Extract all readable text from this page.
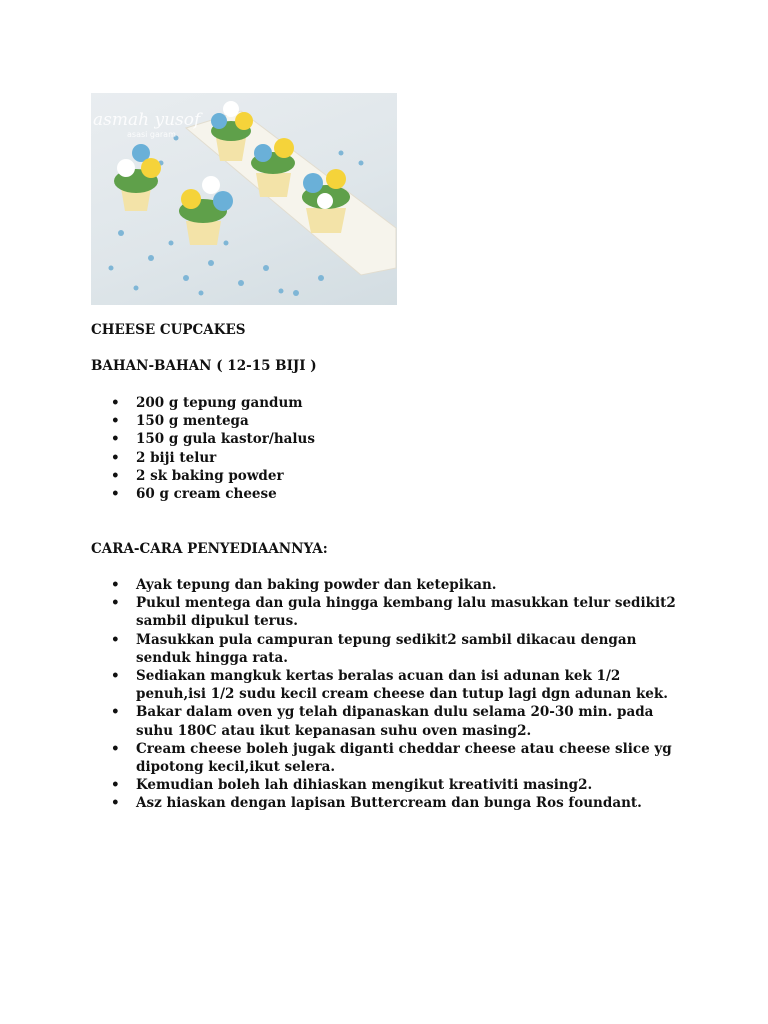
asmah yusof
asasi garam
CHEESE CUPCAKES
BAHAN-BAHAN ( 12-15 BIJI )
• 200 g tepung gandum
• 150 g mentega
• 150 g gula kastor/halus
• 2 biji telur
• 2 sk baking powder
• 60 g cream cheese
CARA-CARA PENYEDIAANNYA:
• Ayak tepung dan baking powder dan ketepikan.
• Pukul mentega dan gula hingga kembang lalu masukkan telur sedikit2 sambil dipukul terus.
• Masukkan pula campuran tepung sedikit2 sambil dikacau dengan senduk hingga rata.
• Sediakan mangkuk kertas beralas acuan dan isi adunan kek 1/2 penuh,isi 1/2 sudu kecil cream cheese dan tutup lagi dgn adunan kek.
• Bakar dalam oven yg telah dipanaskan dulu selama 20-30 min. pada suhu 180C atau ikut kepanasan suhu oven masing2.
• Cream cheese boleh jugak diganti cheddar cheese atau cheese slice yg dipotong kecil,ikut selera.
• Kemudian boleh lah dihiaskan mengikut kreativiti masing2.
• Asz hiaskan dengan lapisan Buttercream dan bunga Ros foundant.
